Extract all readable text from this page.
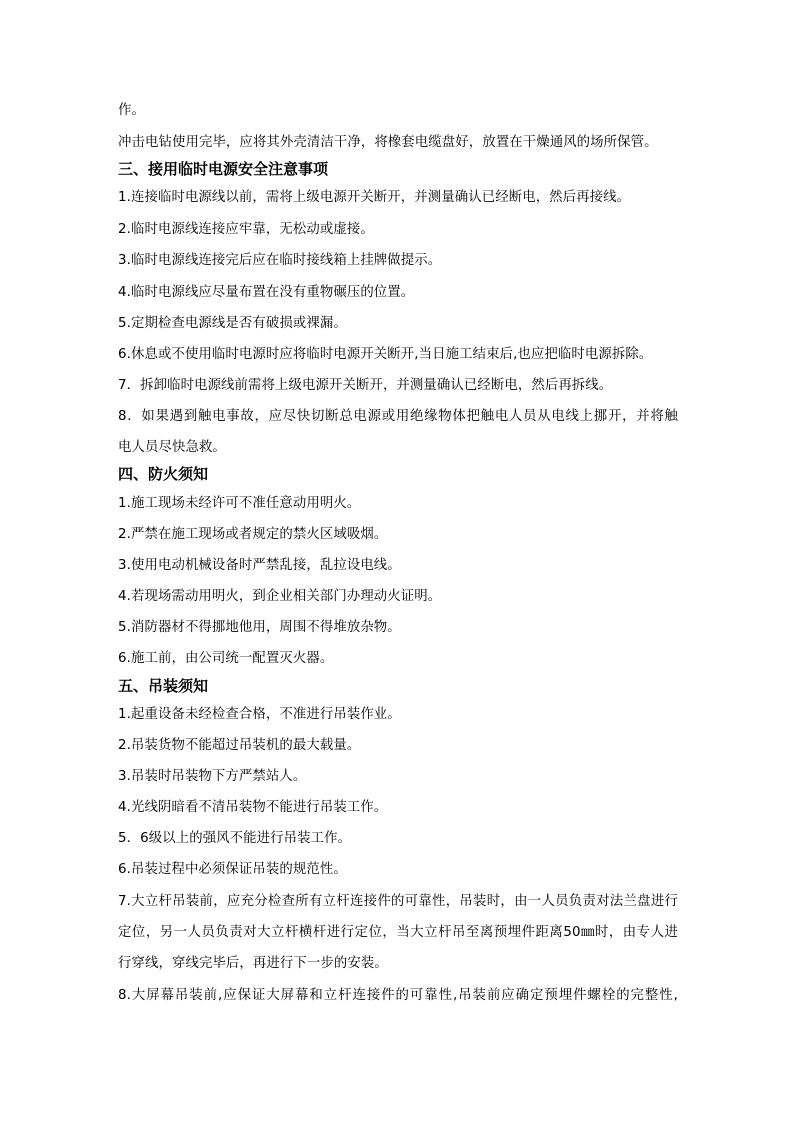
作。
冲击电钻使用完毕，应将其外壳清洁干净，将橡套电缆盘好，放置在干燥通风的场所保管。
三、接用临时电源安全注意事项
1.连接临时电源线以前，需将上级电源开关断开，并测量确认已经断电，然后再接线。
2.临时电源线连接应牢靠，无松动或虚接。
3.临时电源线连接完后应在临时接线箱上挂牌做提示。
4.临时电源线应尽量布置在没有重物碾压的位置。
5.定期检查电源线是否有破损或裸漏。
6.休息或不使用临时电源时应将临时电源开关断开,当日施工结束后,也应把临时电源拆除。
7．拆卸临时电源线前需将上级电源开关断开，并测量确认已经断电，然后再拆线。
8．如果遇到触电事故，应尽快切断总电源或用绝缘物体把触电人员从电线上挪开，并将触
电人员尽快急救。
四、防火须知
1.施工现场未经许可不准任意动用明火。
2.严禁在施工现场或者规定的禁火区域吸烟。
3.使用电动机械设备时严禁乱接，乱拉设电线。
4.若现场需动用明火，到企业相关部门办理动火证明。
5.消防器材不得挪地他用，周围不得堆放杂物。
6.施工前，由公司统一配置灭火器。
五、吊装须知
1.起重设备未经检查合格，不准进行吊装作业。
2.吊装货物不能超过吊装机的最大载量。
3.吊装时吊装物下方严禁站人。
4.光线阴暗看不清吊装物不能进行吊装工作。
5．6级以上的强风不能进行吊装工作。
6.吊装过程中必须保证吊装的规范性。
7.大立杆吊装前，应充分检查所有立杆连接件的可靠性，吊装时，由一人员负责对法兰盘进行
定位，另一人员负责对大立杆横杆进行定位，当大立杆吊至离预埋件距离50㎜时，由专人进
行穿线，穿线完毕后，再进行下一步的安装。
8.大屏幕吊装前,应保证大屏幕和立杆连接件的可靠性,吊装前应确定预埋件螺栓的完整性,
